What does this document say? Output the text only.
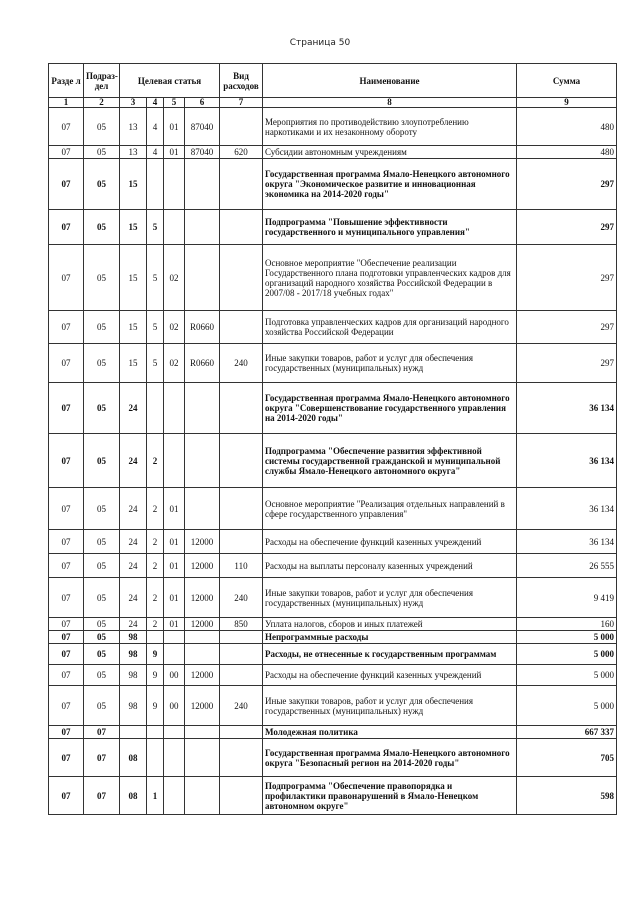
Страница 50
Разде л	Подраз- дел	Целевая статья				Вид расходов	Наименование	Сумма
1	2	3	4	5	6	7	8	9
07	05	13	4	01	87040		Мероприятия по противодействию злоупотреблению наркотиками и их незаконному обороту	480
07	05	13	4	01	87040	620	Субсидии автономным учреждениям	480
07	05	15					Государственная программа Ямало-Ненецкого автономного округа "Экономическое развитие и инновационная экономика на 2014-2020 годы"	297
07	05	15	5				Подпрограмма "Повышение эффективности государственного и муниципального управления"	297
07	05	15	5	02			Основное мероприятие "Обеспечение реализации Государственного плана подготовки управленческих кадров для организаций народного хозяйства Российской Федерации в 2007/08 - 2017/18 учебных годах"	297
07	05	15	5	02	R0660		Подготовка управленческих кадров для организаций народного хозяйства Российской Федерации	297
07	05	15	5	02	R0660	240	Иные закупки товаров, работ и услуг для обеспечения государственных (муниципальных) нужд	297
07	05	24					Государственная программа Ямало-Ненецкого автономного округа "Совершенствование государственного управления на 2014-2020 годы"	36 134
07	05	24	2				Подпрограмма "Обеспечение развития эффективной системы государственной гражданской и муниципальной службы Ямало-Ненецкого автономного округа"	36 134
07	05	24	2	01			Основное мероприятие "Реализация отдельных направлений в сфере государственного управления"	36 134
07	05	24	2	01	12000		Расходы на обеспечение функций казенных учреждений	36 134
07	05	24	2	01	12000	110	Расходы на выплаты персоналу казенных учреждений	26 555
07	05	24	2	01	12000	240	Иные закупки товаров, работ и услуг для обеспечения государственных (муниципальных) нужд	9 419
07	05	24	2	01	12000	850	Уплата налогов, сборов и иных платежей	160
07	05	98					Непрограммные расходы	5 000
07	05	98	9				Расходы, не отнесенные к государственным программам	5 000
07	05	98	9	00	12000		Расходы на обеспечение функций казенных учреждений	5 000
07	05	98	9	00	12000	240	Иные закупки товаров, работ и услуг для обеспечения государственных (муниципальных) нужд	5 000
07	07						Молодежная политика	667 337
07	07	08					Государственная программа Ямало-Ненецкого автономного округа "Безопасный регион на 2014-2020 годы"	705
07	07	08	1				Подпрограмма "Обеспечение правопорядка и профилактики правонарушений в Ямало-Ненецком автономном округе"	598
